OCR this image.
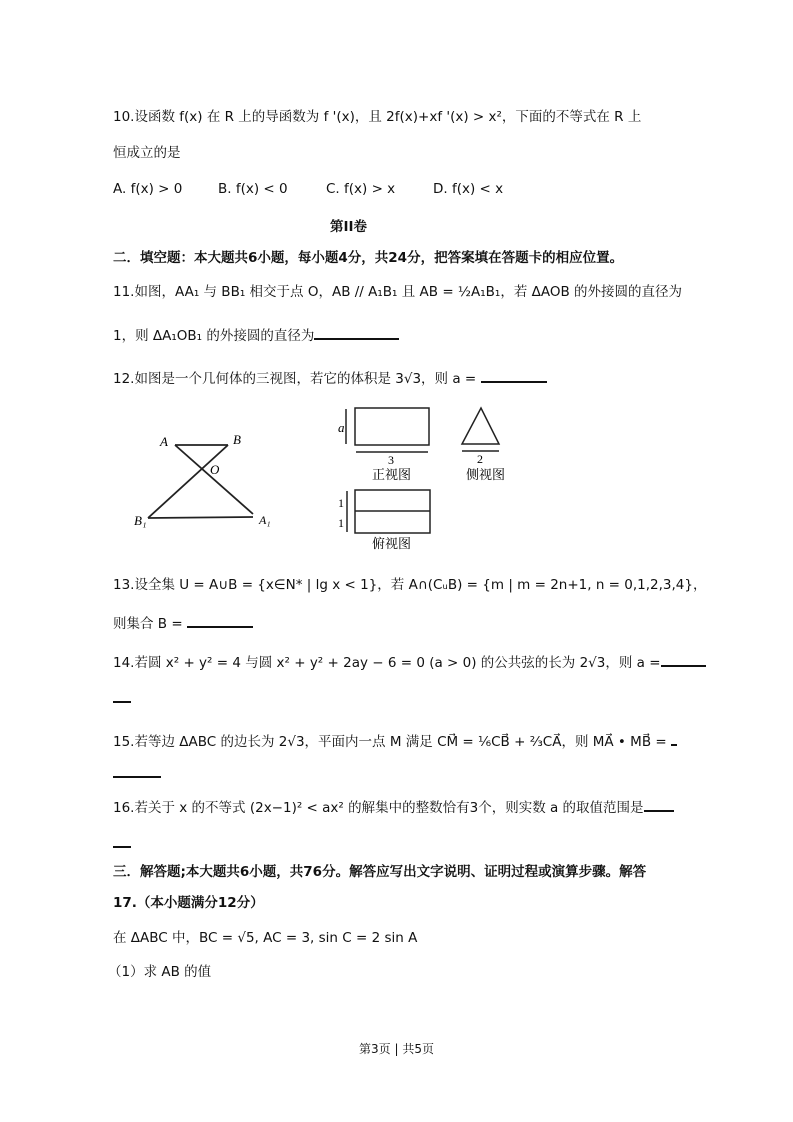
10.设函数 f(x) 在 R 上的导函数为 f '(x)，且 2f(x)+xf '(x) > x²，下面的不等式在 R 上
恒成立的是
A. f(x) > 0	B. f(x) < 0	C. f(x) > x	D. f(x) < x
第II卷
二．填空题：本大题共6小题，每小题4分，共24分，把答案填在答题卡的相应位置。
11.如图，AA₁ 与 BB₁ 相交于点 O，AB // A₁B₁ 且 AB = ½A₁B₁，若 ΔAOB 的外接圆的直径为
1，则 ΔA₁OB₁ 的外接圆的直径为
12.如图是一个几何体的三视图，若它的体积是 3√3，则 a =
A	B
O
B₁	A₁
a
3
正视图
2
侧视图
1
1
俯视图
13.设全集 U = A∪B = {x∈N* | lg x < 1}，若 A∩(CᵤB) = {m | m = 2n+1, n = 0,1,2,3,4}，
则集合 B =
14.若圆 x² + y² = 4 与圆 x² + y² + 2ay − 6 = 0 (a > 0) 的公共弦的长为 2√3，则 a =
15.若等边 ΔABC 的边长为 2√3，平面内一点 M 满足 CM⃗ = ⅙CB⃗ + ⅔CA⃗，则 MA⃗ • MB⃗ =
16.若关于 x 的不等式 (2x−1)² < ax² 的解集中的整数恰有3个，则实数 a 的取值范围是
三．解答题;本大题共6小题，共76分。解答应写出文字说明、证明过程或演算步骤。解答
17.（本小题满分12分）
在 ΔABC 中，BC = √5, AC = 3, sin C = 2 sin A
（1）求 AB 的值
第3页 | 共5页
